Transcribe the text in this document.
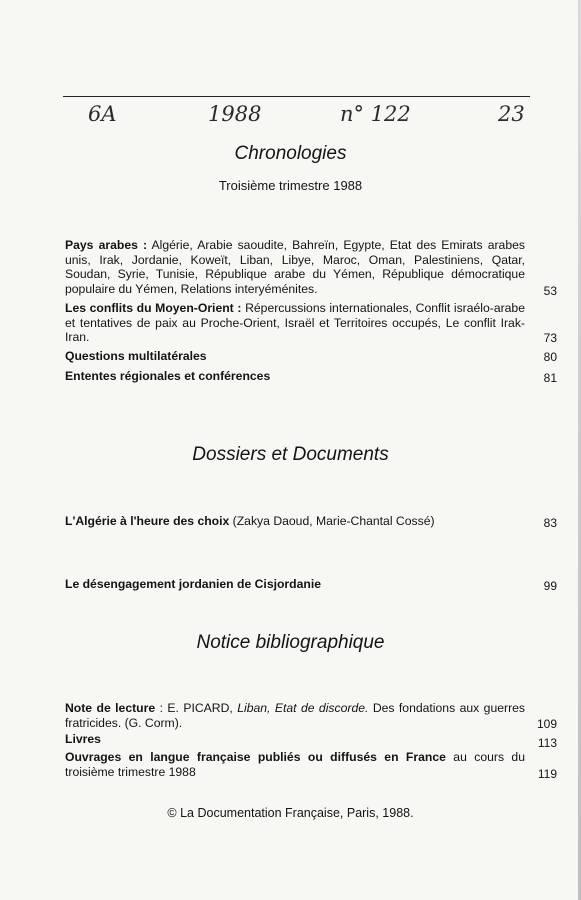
6A	1988	n° 122	23
Chronologies
Troisième trimestre 1988
Pays arabes : Algérie, Arabie saoudite, Bahreïn, Egypte, Etat des Emirats arabes unis, Irak, Jordanie, Koweït, Liban, Libye, Maroc, Oman, Palestiniens, Qatar, Soudan, Syrie, Tunisie, République arabe du Yémen, République démocratique populaire du Yémen, Relations interyéménites.	53
Les conflits du Moyen-Orient : Répercussions internationales, Conflit israélo-arabe et tentatives de paix au Proche-Orient, Israël et Territoires occupés, Le conflit Irak-Iran.	73
Questions multilatérales	80
Ententes régionales et conférences	81
Dossiers et Documents
L'Algérie à l'heure des choix (Zakya Daoud, Marie-Chantal Cossé)	83
Le désengagement jordanien de Cisjordanie	99
Notice bibliographique
Note de lecture : E. PICARD, Liban, Etat de discorde. Des fondations aux guerres fratricides. (G. Corm).	109
Livres	113
Ouvrages en langue française publiés ou diffusés en France au cours du troisième trimestre 1988	119
© La Documentation Française, Paris, 1988.
